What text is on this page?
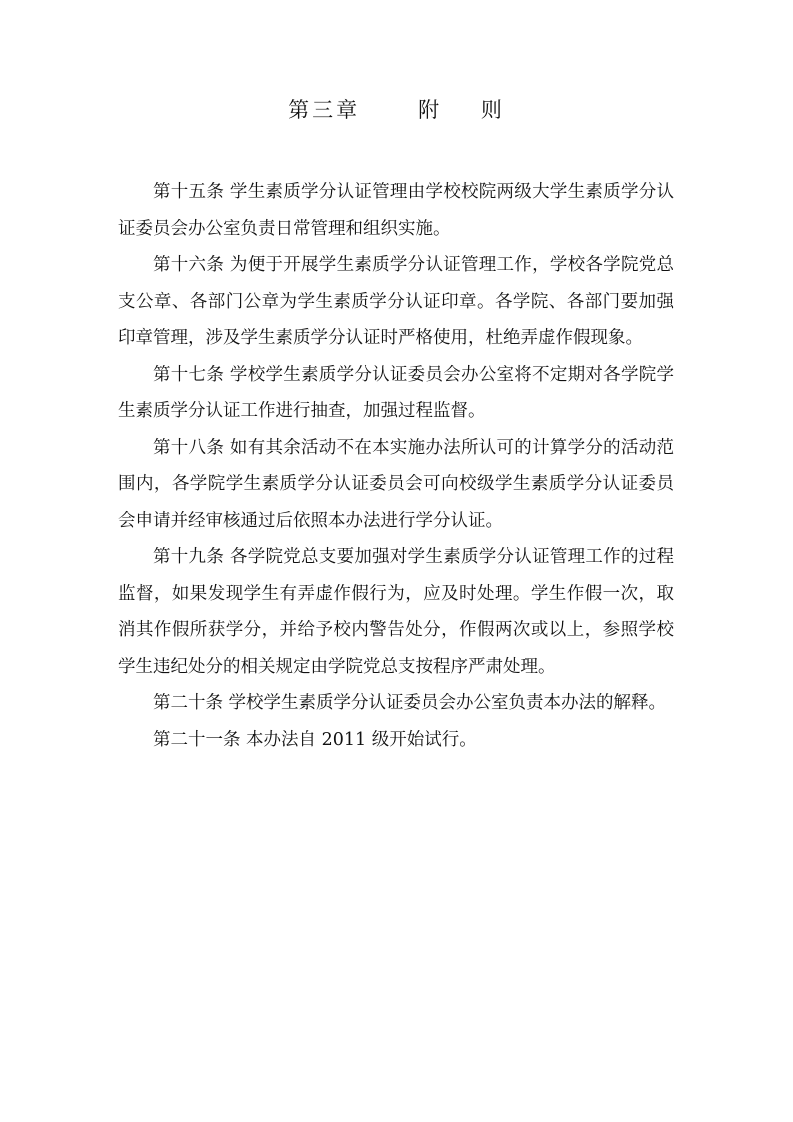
第三章      附    则

第十五条 学生素质学分认证管理由学校校院两级大学生素质学分认证委员会办公室负责日常管理和组织实施。

第十六条 为便于开展学生素质学分认证管理工作，学校各学院党总支公章、各部门公章为学生素质学分认证印章。各学院、各部门要加强印章管理，涉及学生素质学分认证时严格使用，杜绝弄虚作假现象。

第十七条 学校学生素质学分认证委员会办公室将不定期对各学院学生素质学分认证工作进行抽查，加强过程监督。

第十八条 如有其余活动不在本实施办法所认可的计算学分的活动范围内，各学院学生素质学分认证委员会可向校级学生素质学分认证委员会申请并经审核通过后依照本办法进行学分认证。

第十九条 各学院党总支要加强对学生素质学分认证管理工作的过程监督，如果发现学生有弄虚作假行为，应及时处理。学生作假一次，取消其作假所获学分，并给予校内警告处分，作假两次或以上，参照学校学生违纪处分的相关规定由学院党总支按程序严肃处理。

第二十条 学校学生素质学分认证委员会办公室负责本办法的解释。

第二十一条 本办法自 2011 级开始试行。
